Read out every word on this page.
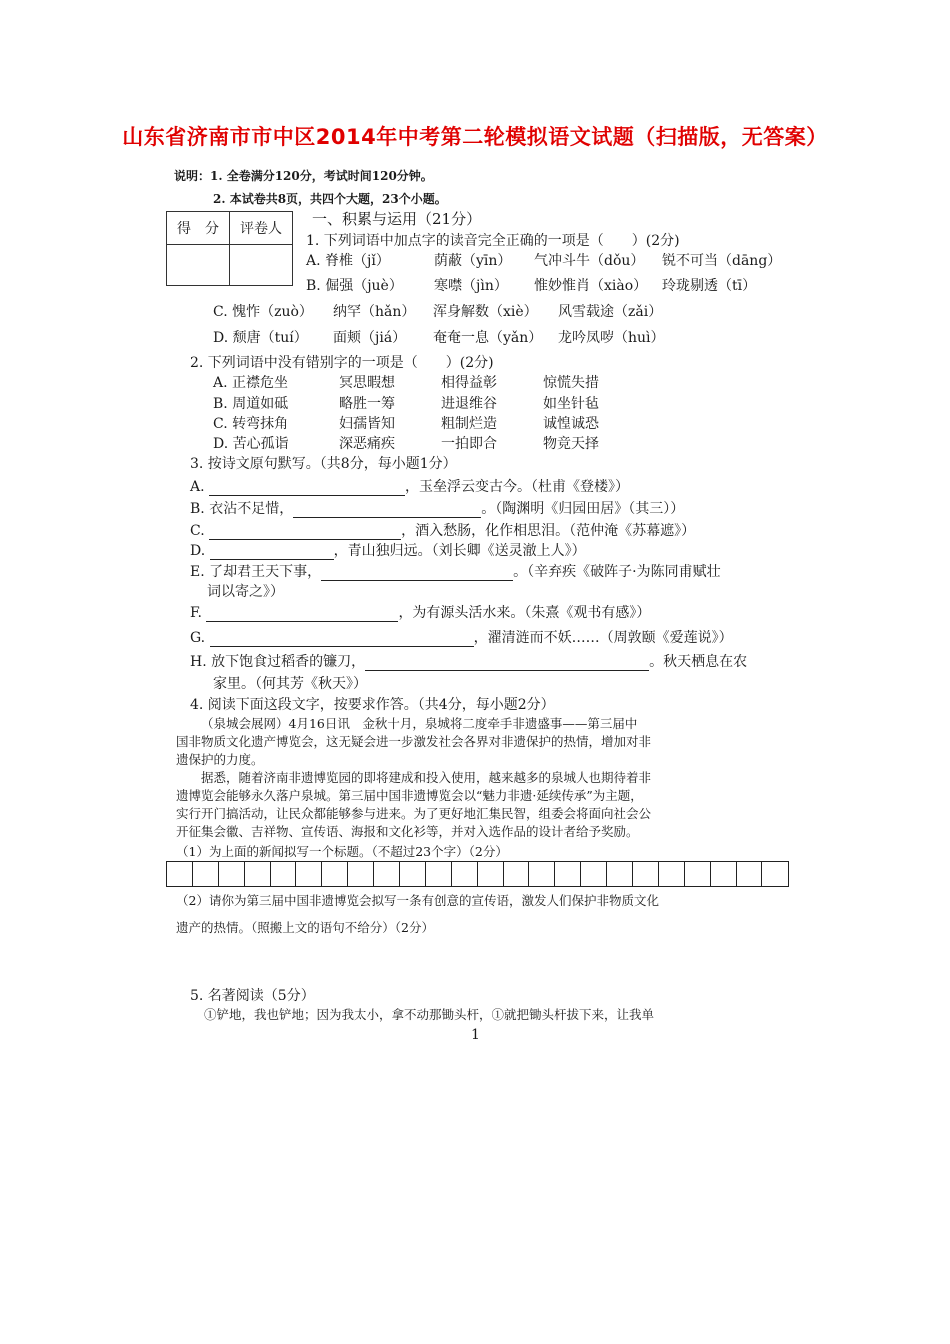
山东省济南市市中区2014年中考第二轮模拟语文试题（扫描版，无答案）
说明：1. 全卷满分120分，考试时间120分钟。
2. 本试卷共8页，共四个大题，23个小题。
得　分	评卷人

一、积累与运用（21分）
1. 下列词语中加点字的读音完全正确的一项是（　　）(2分)
A. 脊椎（jǐ）	荫蔽（yīn）	气冲斗牛（dǒu）	锐不可当（dāng）
B. 倔强（juè）	寒噤（jìn）	惟妙惟肖（xiào）	玲珑剔透（tī）
C. 愧怍（zuò）	纳罕（hǎn）	浑身解数（xiè）	风雪载途（zǎi）
D. 颓唐（tuí）	面颊（jiá）	奄奄一息（yǎn）	龙吟凤哕（huì）
2. 下列词语中没有错别字的一项是（　　）(2分)
A. 正襟危坐	冥思暇想	相得益彰	惊慌失措
B. 周道如砥	略胜一筹	进退维谷	如坐针毡
C. 转弯抹角	妇孺皆知	粗制烂造	诚惶诚恐
D. 苦心孤诣	深恶痛疾	一拍即合	物竞天择
3. 按诗文原句默写。（共8分，每小题1分）
A.	，玉垒浮云变古今。（杜甫《登楼》）
B. 衣沾不足惜，	。（陶渊明《归园田居》（其三））
C.	，酒入愁肠，化作相思泪。（范仲淹《苏幕遮》）
D.	，青山独归远。（刘长卿《送灵澈上人》）
E. 了却君王天下事，	。（辛弃疾《破阵子·为陈同甫赋壮
词以寄之》）
F.	，为有源头活水来。（朱熹《观书有感》）
G.	，濯清涟而不妖……（周敦颐《爱莲说》）
H. 放下饱食过稻香的镰刀，	。秋天栖息在农
家里。（何其芳《秋天》）
4. 阅读下面这段文字，按要求作答。（共4分，每小题2分）
（泉城会展网）4月16日讯　金秋十月，泉城将二度牵手非遗盛事——第三届中
国非物质文化遗产博览会，这无疑会进一步激发社会各界对非遗保护的热情，增加对非
遗保护的力度。
据悉，随着济南非遗博览园的即将建成和投入使用，越来越多的泉城人也期待着非
遗博览会能够永久落户泉城。第三届中国非遗博览会以“魅力非遗·延续传承”为主题，
实行开门搞活动，让民众都能够参与进来。为了更好地汇集民智，组委会将面向社会公
开征集会徽、吉祥物、宣传语、海报和文化衫等，并对入选作品的设计者给予奖励。
（1）为上面的新闻拟写一个标题。（不超过23个字）（2分）
（2）请你为第三届中国非遗博览会拟写一条有创意的宣传语，激发人们保护非物质文化
遗产的热情。（照搬上文的语句不给分）（2分）
5. 名著阅读（5分）
①铲地，我也铲地；因为我太小，拿不动那锄头杆，①就把锄头杆拔下来，让我单
1
